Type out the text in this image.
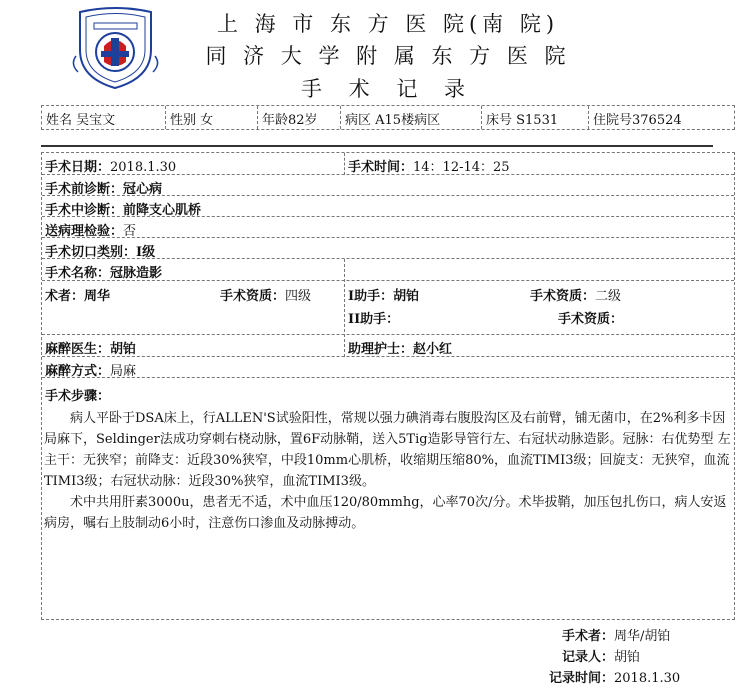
上 海 市 东 方 医 院(南 院)
同 济 大 学 附 属 东 方 医 院
手 术 记 录
姓名 吴宝文	性别 女	年龄82岁	病区 A15楼病区	床号 S1531	住院号376524
手术日期：2018.1.30	手术时间：14：12-14：25
手术前诊断：冠心病
手术中诊断：前降支心肌桥
送病理检验：否
手术切口类别：I级
手术名称：冠脉造影
术者：周华	手术资质：四级	I助手：胡铂	手术资质：二级
II助手：	手术资质：
麻醉医生：胡铂	助理护士：赵小红
麻醉方式：局麻
手术步骤：

病人平卧于DSA床上，行ALLEN'S试验阳性，常规以强力碘消毒右腹股沟区及右前臂，铺无菌巾，在2%利多卡因局麻下，Seldinger法成功穿刺右桡动脉，置6F动脉鞘，送入5Tig造影导管行左、右冠状动脉造影。冠脉：右优势型 左主干：无狭窄；前降支：近段30%狭窄，中段10mm心肌桥，收缩期压缩80%，血流TIMI3级；回旋支：无狭窄，血流TIMI3级；右冠状动脉：近段30%狭窄，血流TIMI3级。

术中共用肝素3000u，患者无不适，术中血压120/80mmhg，心率70次/分。术毕拔鞘，加压包扎伤口，病人安返病房，嘱右上肢制动6小时，注意伤口渗血及动脉搏动。

手术者：周华/胡铂
记录人：胡铂
记录时间：2018.1.30
